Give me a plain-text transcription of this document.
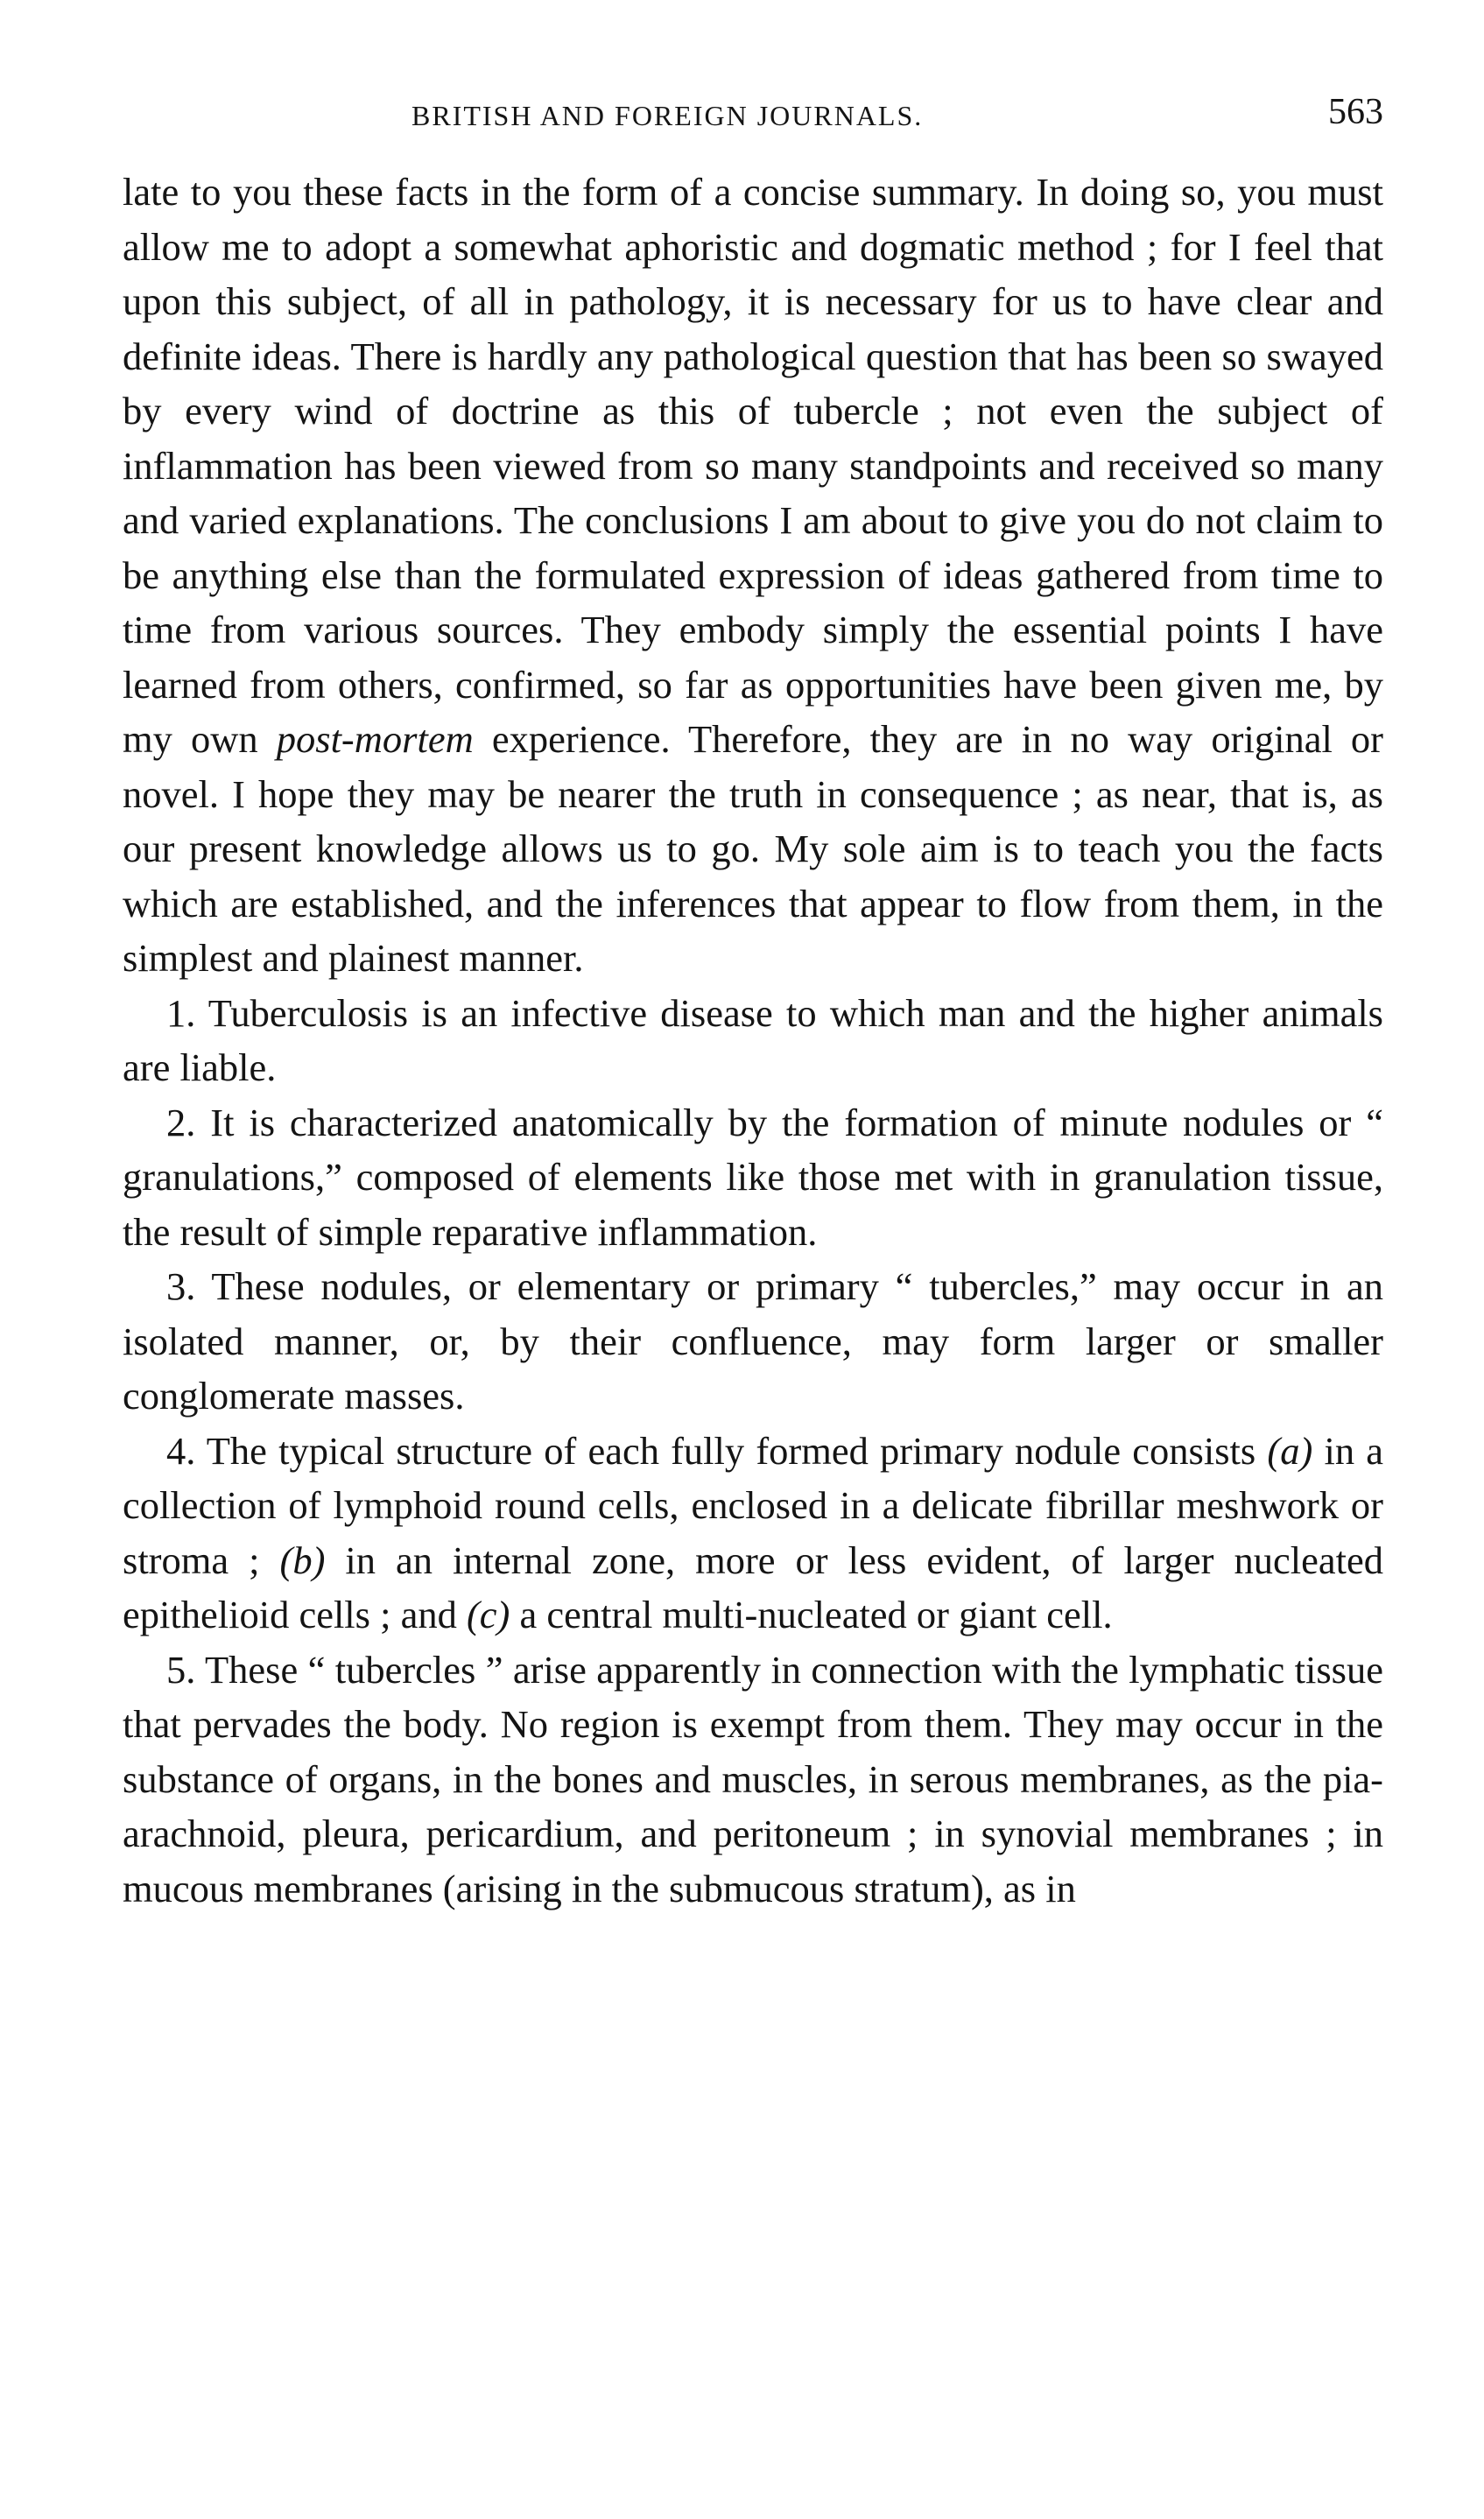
BRITISH AND FOREIGN JOURNALS.	563

late to you these facts in the form of a concise summary. In doing so, you must allow me to adopt a somewhat aphoristic and dogmatic method ; for I feel that upon this subject, of all in pathology, it is necessary for us to have clear and definite ideas. There is hardly any pathological question that has been so swayed by every wind of doctrine as this of tubercle ; not even the subject of inflammation has been viewed from so many standpoints and received so many and varied explanations. The conclusions I am about to give you do not claim to be anything else than the formulated expression of ideas gathered from time to time from various sources. They embody simply the essential points I have learned from others, confirmed, so far as opportunities have been given me, by my own post-mortem experience. Therefore, they are in no way original or novel. I hope they may be nearer the truth in consequence ; as near, that is, as our present knowledge allows us to go. My sole aim is to teach you the facts which are established, and the inferences that appear to flow from them, in the simplest and plainest manner.

1. Tuberculosis is an infective disease to which man and the higher animals are liable.

2. It is characterized anatomically by the formation of minute nodules or “ granulations,” composed of elements like those met with in granulation tissue, the result of simple reparative inflammation.

3. These nodules, or elementary or primary “ tubercles,” may occur in an isolated manner, or, by their confluence, may form larger or smaller conglomerate masses.

4. The typical structure of each fully formed primary nodule consists (a) in a collection of lymphoid round cells, enclosed in a delicate fibrillar meshwork or stroma ; (b) in an internal zone, more or less evident, of larger nucleated epithelioid cells ; and (c) a central multi-nucleated or giant cell.

5. These “ tubercles ” arise apparently in connection with the lymphatic tissue that pervades the body. No region is exempt from them. They may occur in the substance of organs, in the bones and muscles, in serous membranes, as the pia-arachnoid, pleura, pericardium, and peritoneum ; in synovial membranes ; in mucous membranes (arising in the submucous stratum), as in
